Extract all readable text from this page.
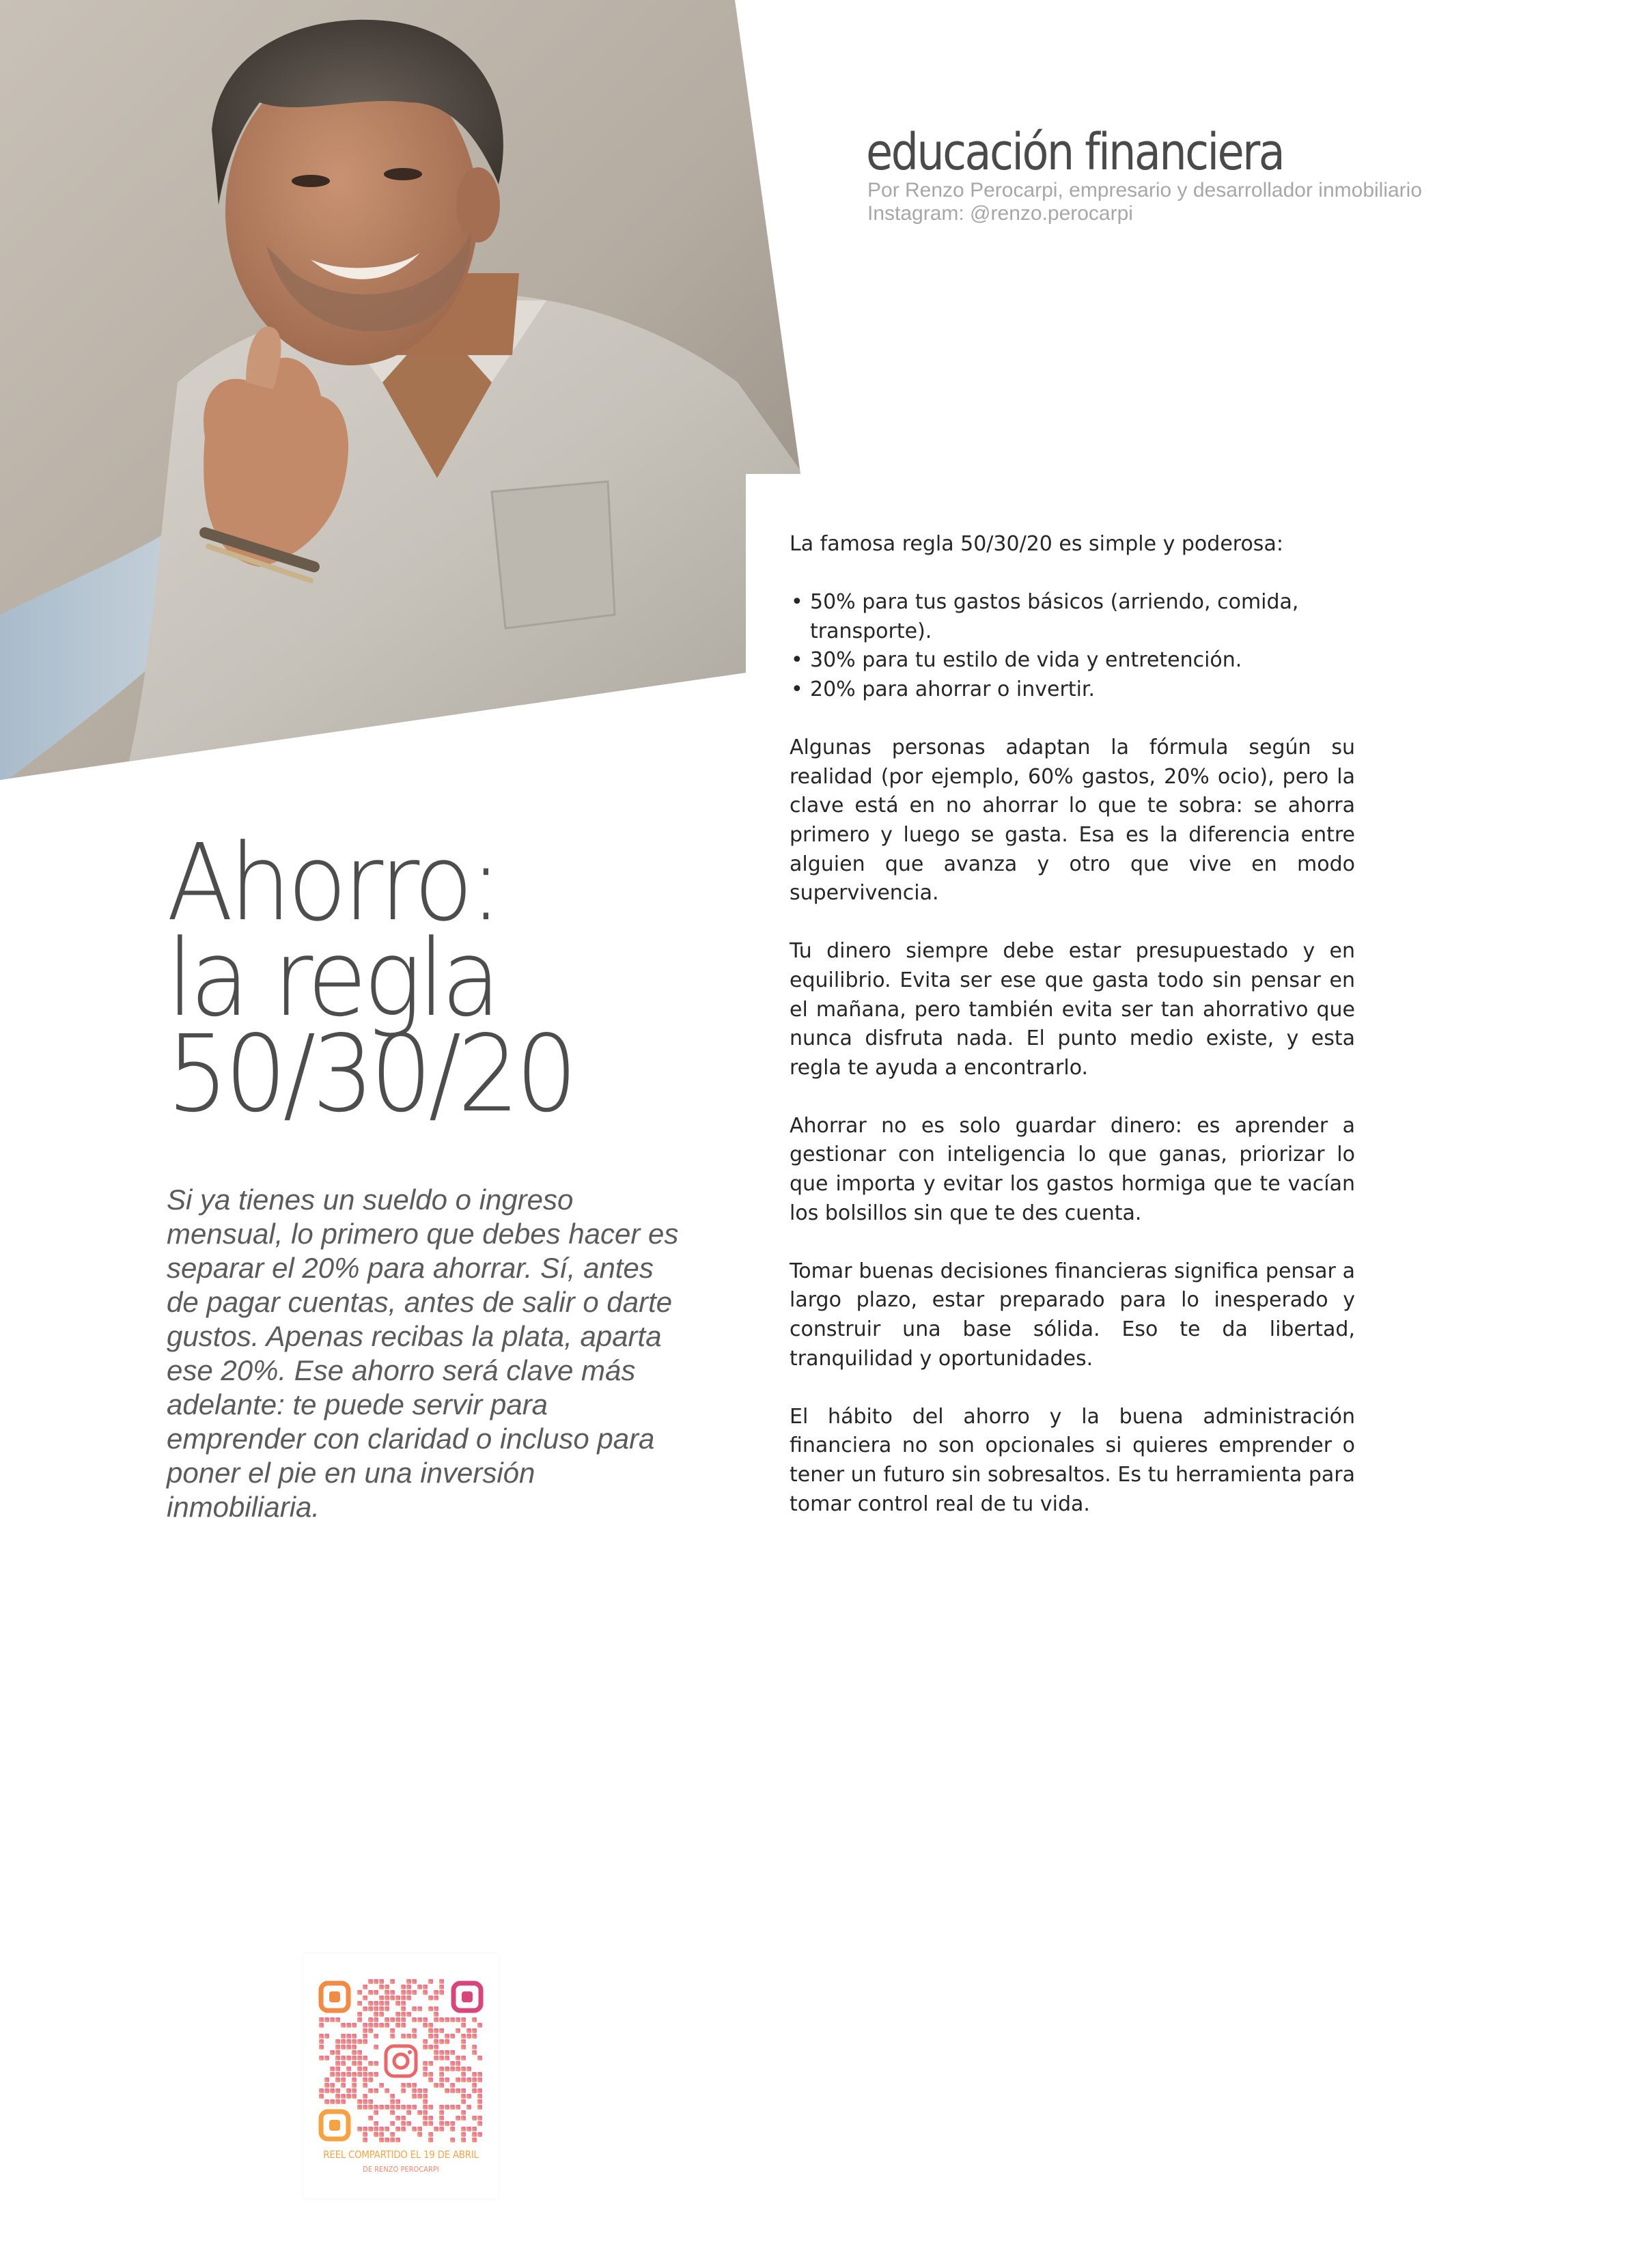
educación financiera
Por Renzo Perocarpi, empresario y desarrollador inmobiliario
Instagram: @renzo.perocarpi
Ahorro:
la regla
50/30/20

Si ya tienes un sueldo o ingreso mensual, lo primero que debes hacer es separar el 20% para ahorrar. Sí, antes de pagar cuentas, antes de salir o darte gustos. Apenas recibas la plata, aparta ese 20%. Ese ahorro será clave más adelante: te puede servir para emprender con claridad o incluso para poner el pie en una inversión inmobiliaria.

La famosa regla 50/30/20 es simple y poderosa:

• 50% para tus gastos básicos (arriendo, comida, transporte).
• 30% para tu estilo de vida y entretención.
• 20% para ahorrar o invertir.

Algunas personas adaptan la fórmula según su realidad (por ejemplo, 60% gastos, 20% ocio), pero la clave está en no ahorrar lo que te sobra: se ahorra primero y luego se gasta. Esa es la diferencia entre alguien que avanza y otro que vive en modo supervivencia.

Tu dinero siempre debe estar presupuestado y en equilibrio. Evita ser ese que gasta todo sin pensar en el mañana, pero también evita ser tan ahorrativo que nunca disfruta nada. El punto medio existe, y esta regla te ayuda a encontrarlo.

Ahorrar no es solo guardar dinero: es aprender a gestionar con inteligencia lo que ganas, priorizar lo que importa y evitar los gastos hormiga que te vacían los bolsillos sin que te des cuenta.

Tomar buenas decisiones financieras significa pensar a largo plazo, estar preparado para lo inesperado y construir una base sólida. Eso te da libertad, tranquilidad y oportunidades.

El hábito del ahorro y la buena administración financiera no son opcionales si quieres emprender o tener un futuro sin sobresaltos. Es tu herramienta para tomar control real de tu vida.

REEL COMPARTIDO EL 19 DE ABRIL
DE RENZO PEROCARPI
